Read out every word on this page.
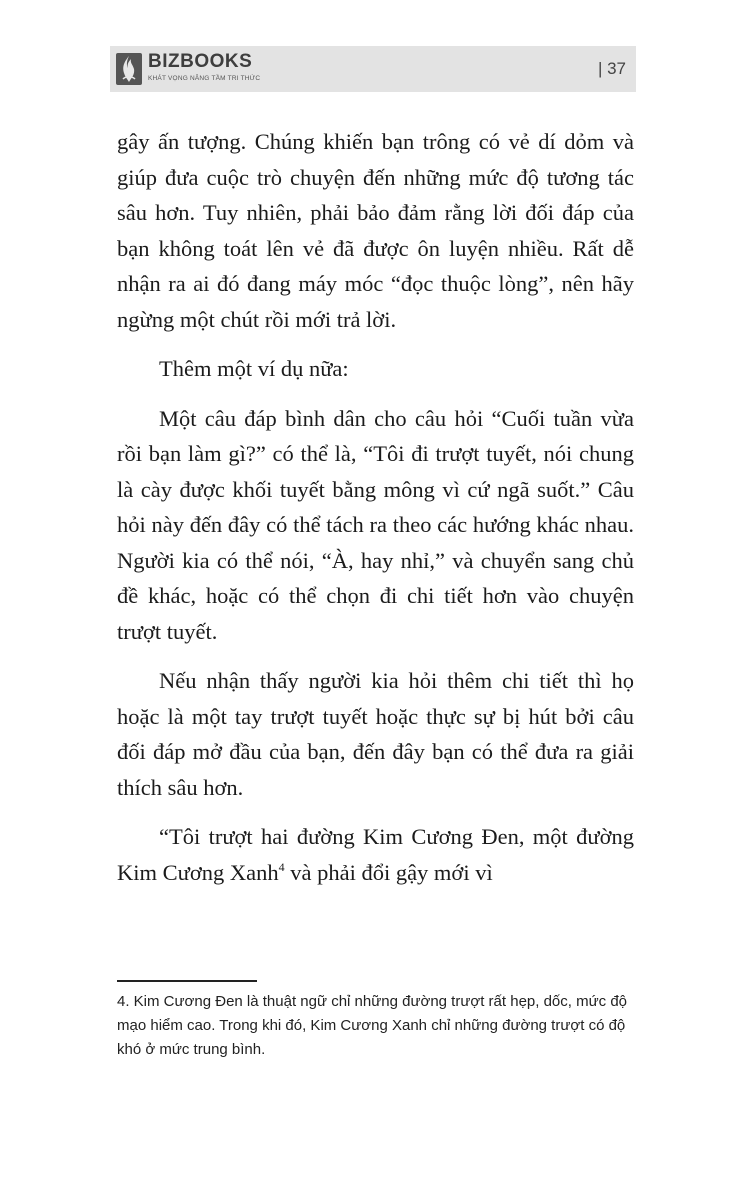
BIZBOOKS
KHÁT VỌNG NÂNG TẦM TRI THỨC
| 37

gây ấn tượng. Chúng khiến bạn trông có vẻ dí dỏm và giúp đưa cuộc trò chuyện đến những mức độ tương tác sâu hơn. Tuy nhiên, phải bảo đảm rằng lời đối đáp của bạn không toát lên vẻ đã được ôn luyện nhiều. Rất dễ nhận ra ai đó đang máy móc “đọc thuộc lòng”, nên hãy ngừng một chút rồi mới trả lời.

Thêm một ví dụ nữa:

Một câu đáp bình dân cho câu hỏi “Cuối tuần vừa rồi bạn làm gì?” có thể là, “Tôi đi trượt tuyết, nói chung là cày được khối tuyết bằng mông vì cứ ngã suốt.” Câu hỏi này đến đây có thể tách ra theo các hướng khác nhau. Người kia có thể nói, “À, hay nhỉ,” và chuyển sang chủ đề khác, hoặc có thể chọn đi chi tiết hơn vào chuyện trượt tuyết.

Nếu nhận thấy người kia hỏi thêm chi tiết thì họ hoặc là một tay trượt tuyết hoặc thực sự bị hút bởi câu đối đáp mở đầu của bạn, đến đây bạn có thể đưa ra giải thích sâu hơn.

“Tôi trượt hai đường Kim Cương Đen, một đường Kim Cương Xanh$^4$ và phải đổi gậy mới vì

4. Kim Cương Đen là thuật ngữ chỉ những đường trượt rất hẹp, dốc, mức độ mạo hiểm cao. Trong khi đó, Kim Cương Xanh chỉ những đường trượt có độ khó ở mức trung bình.
